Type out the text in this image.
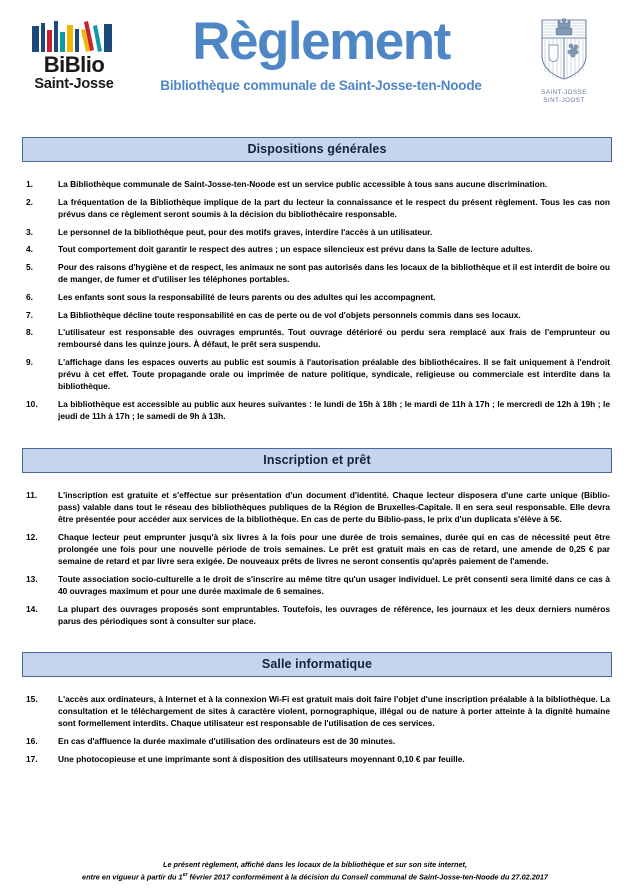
BiBlio
Saint-Josse
Règlement

Bibliothèque communale de Saint-Josse-ten-Noode	SAINT-JOSSE
SINT-JOOST
Dispositions générales
1.	La Bibliothèque communale de Saint-Josse-ten-Noode est un service public accessible à tous sans aucune discrimination.
2.	La fréquentation de la Bibliothèque implique de la part du lecteur la connaissance et le respect du présent règlement. Tous les cas non prévus dans ce règlement seront soumis à la décision du bibliothécaire responsable.
3.	Le personnel de la bibliothèque peut, pour des motifs graves, interdire l'accès à un utilisateur.
4.	Tout comportement doit garantir le respect des autres ; un espace silencieux est prévu dans la Salle de lecture adultes.
5.	Pour des raisons d'hygiène et de respect, les animaux ne sont pas autorisés dans les locaux de la bibliothèque et il est interdit de boire ou de manger, de fumer et d'utiliser les téléphones portables.
6.	Les enfants sont sous la responsabilité de leurs parents ou des adultes qui les accompagnent.
7.	La Bibliothèque décline toute responsabilité en cas de perte ou de vol d'objets personnels commis dans ses locaux.
8.	L'utilisateur est responsable des ouvrages empruntés. Tout ouvrage détérioré ou perdu sera remplacé aux frais de l'emprunteur ou remboursé dans les quinze jours. À défaut, le prêt sera suspendu.
9.	L'affichage dans les espaces ouverts au public est soumis à l'autorisation préalable des bibliothécaires. Il se fait uniquement à l'endroit prévu à cet effet. Toute propagande orale ou imprimée de nature politique, syndicale, religieuse ou commerciale est interdite dans la bibliothèque.
10.	La bibliothèque est accessible au public aux heures suivantes : le lundi de 15h à 18h ; le mardi de 11h à 17h ; le mercredi de 12h à 19h ; le jeudi de 11h à 17h ; le samedi de 9h à 13h.
Inscription et prêt
11.	L'inscription est gratuite et s'effectue sur présentation d'un document d'identité. Chaque lecteur disposera d'une carte unique (Biblio-pass) valable dans tout le réseau des bibliothèques publiques de la Région de Bruxelles-Capitale. Il en sera seul responsable. Elle devra être présentée pour accéder aux services de la bibliothèque. En cas de perte du Biblio-pass, le prix d'un duplicata s'élève à 5€.
12.	Chaque lecteur peut emprunter jusqu'à six livres à la fois pour une durée de trois semaines, durée qui en cas de nécessité peut être prolongée une fois pour une nouvelle période de trois semaines. Le prêt est gratuit mais en cas de retard, une amende de 0,25 € par semaine de retard et par livre sera exigée. De nouveaux prêts de livres ne seront consentis qu'après paiement de l'amende.
13.	Toute association socio-culturelle a le droit de s'inscrire au même titre qu'un usager individuel. Le prêt consenti sera limité dans ce cas à 40 ouvrages maximum et pour une durée maximale de 6 semaines.
14.	La plupart des ouvrages proposés sont empruntables. Toutefois, les ouvrages de référence, les journaux et les deux derniers numéros parus des périodiques sont à consulter sur place.
Salle informatique
15.	L'accès aux ordinateurs, à Internet et à la connexion Wi-Fi est gratuit mais doit faire l'objet d'une inscription préalable à la bibliothèque. La consultation et le téléchargement de sites à caractère violent, pornographique, illégal ou de nature à porter atteinte à la dignité humaine sont formellement interdits. Chaque utilisateur est responsable de l'utilisation de ces services.
16.	En cas d'affluence la durée maximale d'utilisation des ordinateurs est de 30 minutes.
17.	Une photocopieuse et une imprimante sont à disposition des utilisateurs moyennant 0,10 € par feuille.
Le présent règlement, affiché dans les locaux de la bibliothèque et sur son site internet,
entre en vigueur à partir du 1er février 2017 conformément à la décision du Conseil communal de Saint-Josse-ten-Noode du 27.02.2017
